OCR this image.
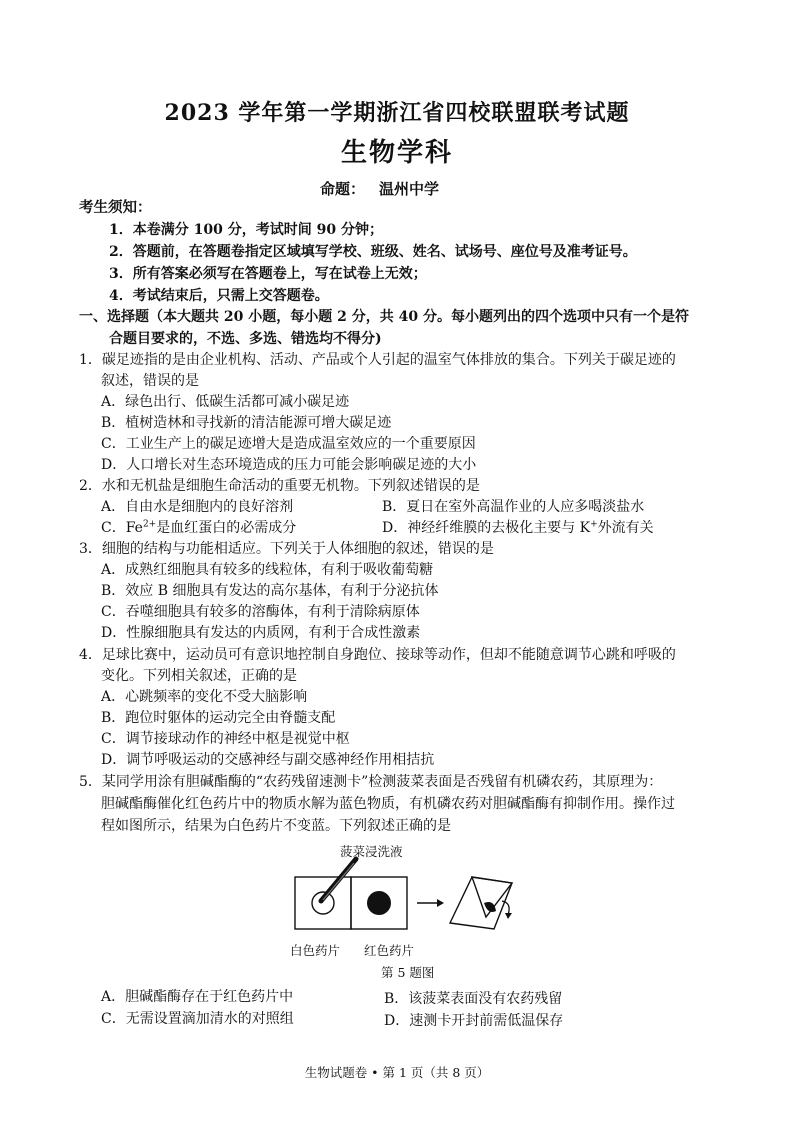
2023 学年第一学期浙江省四校联盟联考试题
生物学科
命题： 温州中学
考生须知：
1．本卷满分 100 分，考试时间 90 分钟；
2．答题前，在答题卷指定区域填写学校、班级、姓名、试场号、座位号及准考证号。
3．所有答案必须写在答题卷上，写在试卷上无效；
4．考试结束后，只需上交答题卷。
一、选择题（本大题共 20 小题，每小题 2 分，共 40 分。每小题列出的四个选项中只有一个是符
合题目要求的，不选、多选、错选均不得分)
1．碳足迹指的是由企业机构、活动、产品或个人引起的温室气体排放的集合。下列关于碳足迹的
叙述，错误的是
A．绿色出行、低碳生活都可减小碳足迹
B．植树造林和寻找新的清洁能源可增大碳足迹
C．工业生产上的碳足迹增大是造成温室效应的一个重要原因
D．人口增长对生态环境造成的压力可能会影响碳足迹的大小
2．水和无机盐是细胞生命活动的重要无机物。下列叙述错误的是
A．自由水是细胞内的良好溶剂	B．夏日在室外高温作业的人应多喝淡盐水
C．$Fe^{2+}$是血红蛋白的必需成分	D．神经纤维膜的去极化主要与 K+外流有关
3．细胞的结构与功能相适应。下列关于人体细胞的叙述，错误的是
A．成熟红细胞具有较多的线粒体，有利于吸收葡萄糖
B．效应 B 细胞具有发达的高尔基体，有利于分泌抗体
C．吞噬细胞具有较多的溶酶体，有利于清除病原体
D．性腺细胞具有发达的内质网，有利于合成性激素
4．足球比赛中，运动员可有意识地控制自身跑位、接球等动作，但却不能随意调节心跳和呼吸的
变化。下列相关叙述，正确的是
A．心跳频率的变化不受大脑影响
B．跑位时躯体的运动完全由脊髓支配
C．调节接球动作的神经中枢是视觉中枢
D．调节呼吸运动的交感神经与副交感神经作用相拮抗
5．某同学用涂有胆碱酯酶的“农药残留速测卡”检测菠菜表面是否残留有机磷农药，其原理为：
胆碱酯酶催化红色药片中的物质水解为蓝色物质，有机磷农药对胆碱酯酶有抑制作用。操作过
程如图所示，结果为白色药片不变蓝。下列叙述正确的是
菠菜浸洗液
白色药片 红色药片
第 5 题图
A．胆碱酯酶存在于红色药片中	B．该菠菜表面没有农药残留
C．无需设置滴加清水的对照组	D．速测卡开封前需低温保存
生物试题卷 • 第 1 页（共 8 页）
